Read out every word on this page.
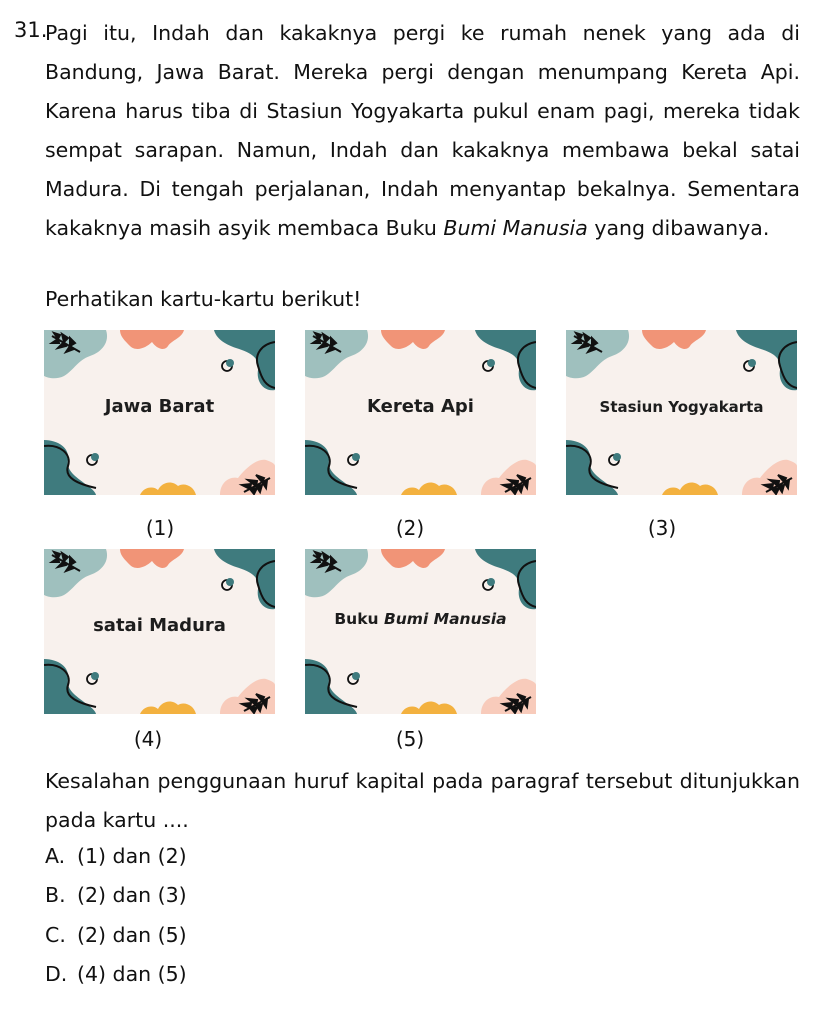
31.

Pagi itu, Indah dan kakaknya pergi ke rumah nenek yang ada di Bandung, Jawa Barat. Mereka pergi dengan menumpang Kereta Api. Karena harus tiba di Stasiun Yogyakarta pukul enam pagi, mereka tidak sempat sarapan. Namun, Indah dan kakaknya membawa bekal satai Madura. Di tengah perjalanan, Indah menyantap bekalnya. Sementara kakaknya masih asyik membaca Buku Bumi Manusia yang dibawanya.

Perhatikan kartu-kartu berikut!
Jawa Barat
(1)
Kereta Api
(2)
Stasiun Yogyakarta
(3)
satai Madura
(4)
Buku Bumi Manusia
(5)

Kesalahan penggunaan huruf kapital pada paragraf tersebut ditunjukkan pada kartu ....

A. (1) dan (2)
B. (2) dan (3)
C. (2) dan (5)
D. (4) dan (5)
